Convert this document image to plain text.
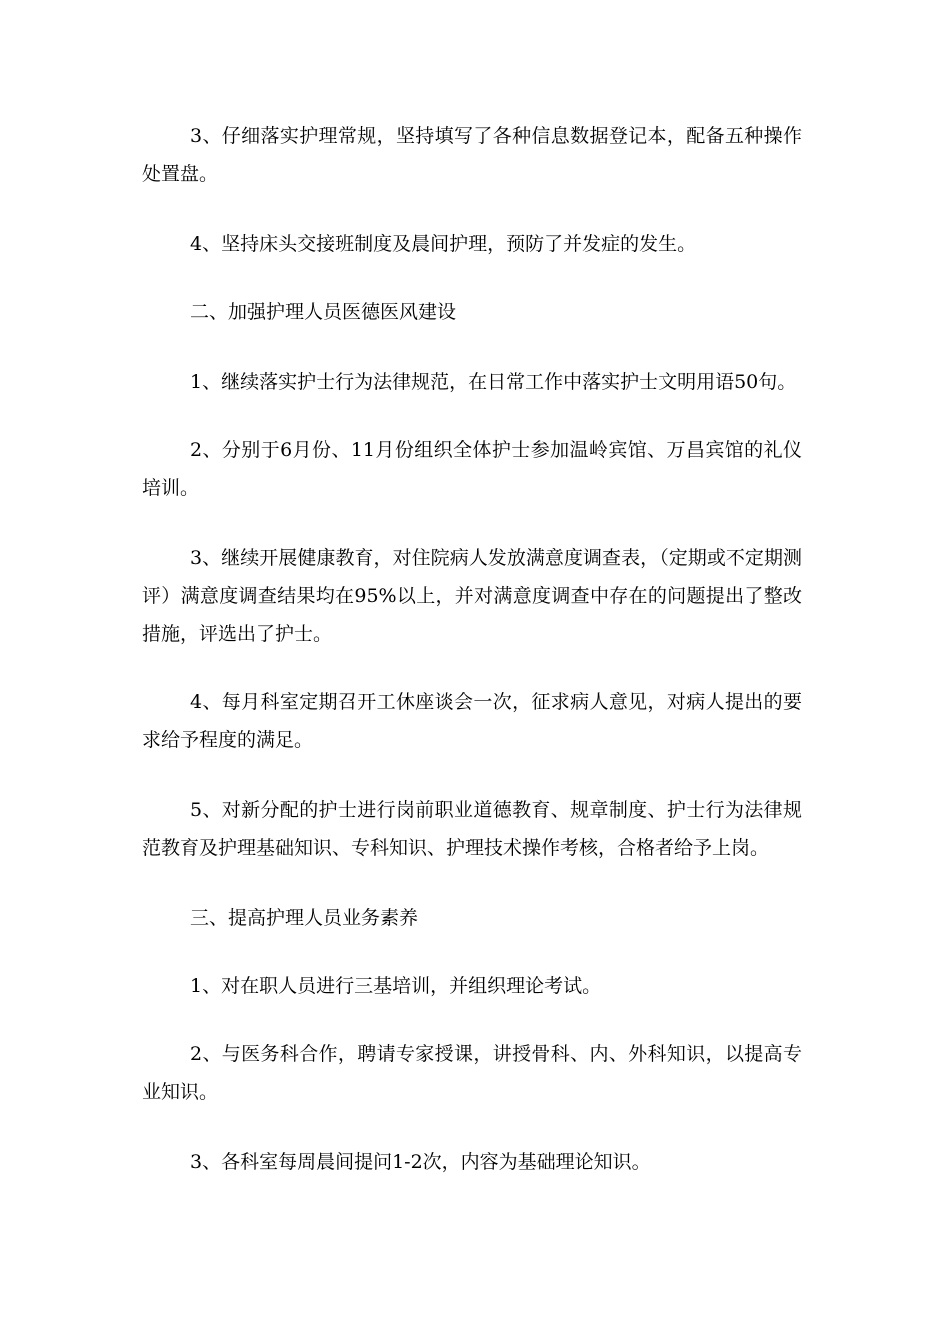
3、仔细落实护理常规，坚持填写了各种信息数据登记本，配备五种操作处置盘。

4、坚持床头交接班制度及晨间护理，预防了并发症的发生。

二、加强护理人员医德医风建设

1、继续落实护士行为法律规范，在日常工作中落实护士文明用语50句。

2、分别于6月份、11月份组织全体护士参加温岭宾馆、万昌宾馆的礼仪培训。

3、继续开展健康教育，对住院病人发放满意度调查表，（定期或不定期测评）满意度调查结果均在95%以上，并对满意度调查中存在的问题提出了整改措施，评选出了护士。

4、每月科室定期召开工休座谈会一次，征求病人意见，对病人提出的要求给予程度的满足。

5、对新分配的护士进行岗前职业道德教育、规章制度、护士行为法律规范教育及护理基础知识、专科知识、护理技术操作考核，合格者给予上岗。

三、提高护理人员业务素养

1、对在职人员进行三基培训，并组织理论考试。

2、与医务科合作，聘请专家授课，讲授骨科、内、外科知识，以提高专业知识。

3、各科室每周晨间提问1-2次，内容为基础理论知识。
